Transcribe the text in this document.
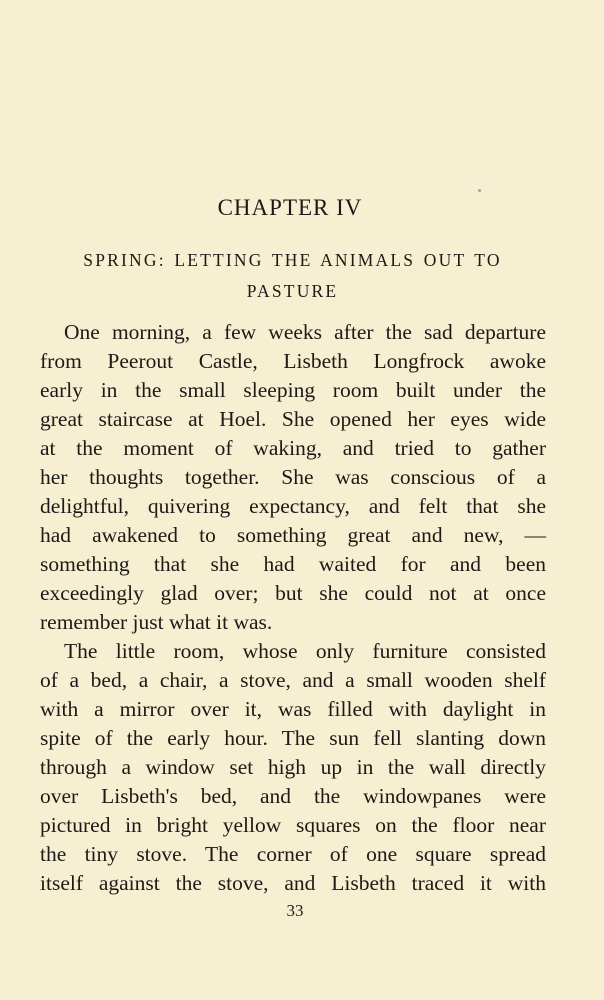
CHAPTER IV
SPRING: LETTING THE ANIMALS OUT TO PASTURE
One morning, a few weeks after the sad departure
from Peerout Castle, Lisbeth Longfrock awoke
early in the small sleeping room built under the
great staircase at Hoel. She opened her eyes wide
at the moment of waking, and tried to gather
her thoughts together. She was conscious of a
delightful, quivering expectancy, and felt that she
had awakened to something great and new, —
something that she had waited for and been
exceedingly glad over; but she could not at once
remember just what it was.
The little room, whose only furniture consisted
of a bed, a chair, a stove, and a small wooden shelf
with a mirror over it, was filled with daylight in
spite of the early hour. The sun fell slanting down
through a window set high up in the wall directly
over Lisbeth's bed, and the windowpanes were
pictured in bright yellow squares on the floor near
the tiny stove. The corner of one square spread
itself against the stove, and Lisbeth traced it with
33
